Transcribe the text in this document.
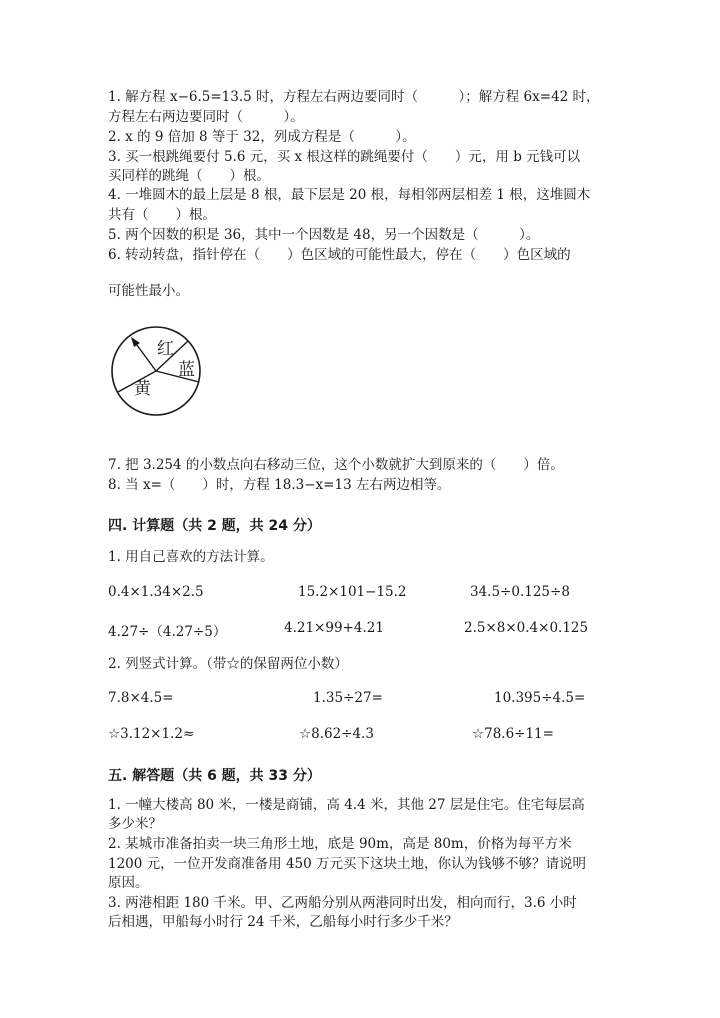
1. 解方程 x−6.5=13.5 时，方程左右两边要同时（　　　）；解方程 6x=42 时，
方程左右两边要同时（　　　）。
2. x 的 9 倍加 8 等于 32，列成方程是（　　　）。
3. 买一根跳绳要付 5.6 元，买 x 根这样的跳绳要付（　　）元，用 b 元钱可以
买同样的跳绳（　　）根。
4. 一堆圆木的最上层是 8 根，最下层是 20 根，每相邻两层相差 1 根，这堆圆木
共有（　　）根。
5. 两个因数的积是 36，其中一个因数是 48，另一个因数是（　　　）。
6. 转动转盘，指针停在（　　）色区域的可能性最大，停在（　　）色区域的
可能性最小。
红
蓝
黄
7. 把 3.254 的小数点向右移动三位，这个小数就扩大到原来的（　　）倍。
8. 当 x=（　　）时，方程 18.3−x=13 左右两边相等。
四. 计算题（共 2 题，共 24 分）
1. 用自己喜欢的方法计算。
0.4×1.34×2.5	15.2×101−15.2	34.5÷0.125÷8
4.27÷（4.27÷5）	4.21×99+4.21	2.5×8×0.4×0.125
2. 列竖式计算。（带☆的保留两位小数）
7.8×4.5=	1.35÷27=	10.395÷4.5=
☆3.12×1.2≈	☆8.62÷4.3	☆78.6÷11=
五. 解答题（共 6 题，共 33 分）
1. 一幢大楼高 80 米，一楼是商铺，高 4.4 米，其他 27 层是住宅。住宅每层高
多少米？
2. 某城市准备拍卖一块三角形土地，底是 90m，高是 80m，价格为每平方米
1200 元，一位开发商准备用 450 万元买下这块土地，你认为钱够不够？请说明
原因。
3. 两港相距 180 千米。甲、乙两船分别从两港同时出发，相向而行，3.6 小时
后相遇，甲船每小时行 24 千米，乙船每小时行多少千米？
